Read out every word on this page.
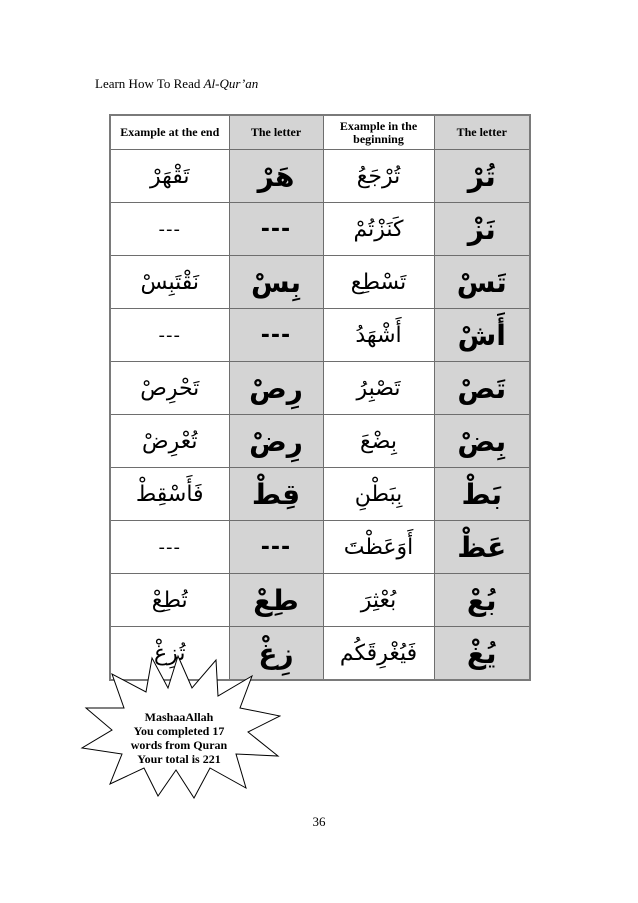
Learn How To Read Al-Qur’an
Example at the end	The letter	Example in the beginning	The letter
تَقْهَرْ	هَرْ	تُرْجَعُ	تُرْ
---	---	كَنَزْتُمْ	نَزْ
نَقْتَبِسْ	بِسْ	تَسْطِع	تَسْ
---	---	أَشْهَدُ	أَشْ
تَحْرِصْ	رِصْ	تَصْبِرُ	تَصْ
تُعْرِضْ	رِضْ	بِضْعَ	بِضْ
فَأَسْقِطْ	قِطْ	بِبَطْنِ	بَطْ
---	---	أَوَعَظْتَ	عَظْ
تُطِعْ	طِعْ	بُعْثِرَ	بُعْ
تُزِغْ	زِغْ	فَيُغْرِقَكُم	يُغْ
MashaaAllah
You completed 17
words from Quran
Your total is 221
36
